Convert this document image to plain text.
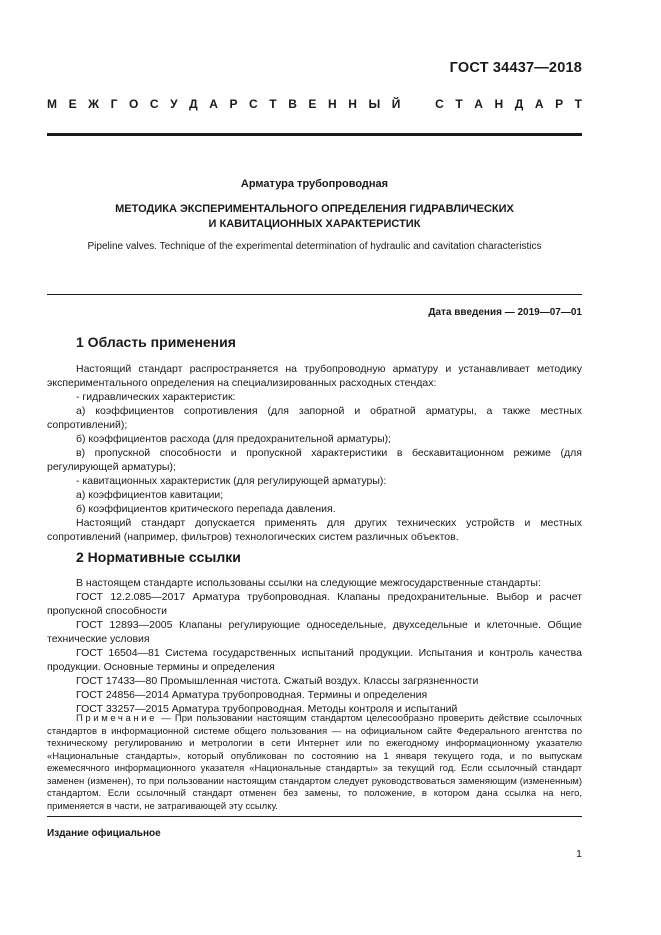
ГОСТ 34437—2018
М Е Ж Г О С У Д А Р С Т В Е Н Н Ы Й	С Т А Н Д А Р Т
Арматура трубопроводная
МЕТОДИКА ЭКСПЕРИМЕНТАЛЬНОГО ОПРЕДЕЛЕНИЯ ГИДРАВЛИЧЕСКИХ
И КАВИТАЦИОННЫХ ХАРАКТЕРИСТИК
Pipeline valves. Technique of the experimental determination of hydraulic and cavitation characteristics
Дата введения — 2019—07—01
1 Область применения

Настоящий стандарт распространяется на трубопроводную арматуру и устанавливает методику экспериментального определения на специализированных расходных стендах:

- гидравлических характеристик:

а) коэффициентов сопротивления (для запорной и обратной арматуры, а также местных сопротивлений);

б) коэффициентов расхода (для предохранительной арматуры);

в) пропускной способности и пропускной характеристики в бескавитационном режиме (для регулирующей арматуры);

- кавитационных характеристик (для регулирующей арматуры):

а) коэффициентов кавитации;

б) коэффициентов критического перепада давления.

Настоящий стандарт допускается применять для других технических устройств и местных сопротивлений (например, фильтров) технологических систем различных объектов.

2 Нормативные ссылки

В настоящем стандарте использованы ссылки на следующие межгосударственные стандарты:

ГОСТ 12.2.085—2017 Арматура трубопроводная. Клапаны предохранительные. Выбор и расчет пропускной способности

ГОСТ 12893—2005 Клапаны регулирующие односедельные, двухседельные и клеточные. Общие технические условия

ГОСТ 16504—81 Система государственных испытаний продукции. Испытания и контроль качества продукции. Основные термины и определения

ГОСТ 17433—80 Промышленная чистота. Сжатый воздух. Классы загрязненности

ГОСТ 24856—2014 Арматура трубопроводная. Термины и определения

ГОСТ 33257—2015 Арматура трубопроводная. Методы контроля и испытаний

Примечание — При пользовании настоящим стандартом целесообразно проверить действие ссылочных стандартов в информационной системе общего пользования — на официальном сайте Федерального агентства по техническому регулированию и метрологии в сети Интернет или по ежегодному информационному указателю «Национальные стандарты», который опубликован по состоянию на 1 января текущего года, и по выпускам ежемесячного информационного указателя «Национальные стандарты» за текущий год. Если ссылочный стандарт заменен (изменен), то при пользовании настоящим стандартом следует руководствоваться заменяющим (измененным) стандартом. Если ссылочный стандарт отменен без замены, то положение, в котором дана ссылка на него, применяется в части, не затрагивающей эту ссылку.

Издание официальное
1
